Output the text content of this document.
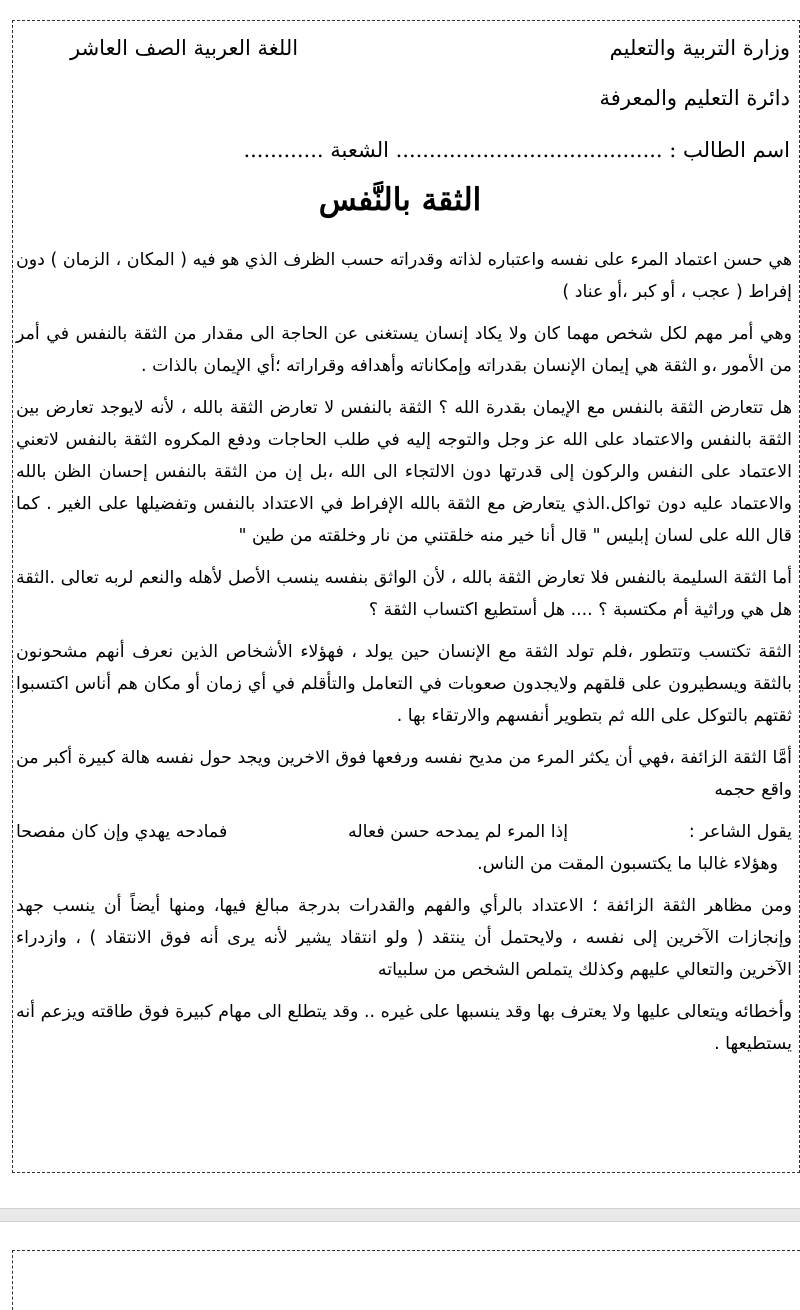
وزارة التربية والتعليم
اللغة العربية الصف العاشر
دائرة التعليم والمعرفة
اسم الطالب : ........................................ الشعبة ............
الثقة بالنَّفس

هي حسن اعتماد المرء على نفسه واعتباره لذاته وقدراته حسب الظرف الذي هو فيه ( المكان ، الزمان ) دون إفراط ( عجب ، أو كبر ،أو عناد )

وهي أمر مهم لكل شخص مهما كان ولا يكاد إنسان يستغنى عن الحاجة الى مقدار من الثقة بالنفس في أمر من الأمور ،و الثقة هي إيمان الإنسان بقدراته وإمكاناته وأهدافه وقراراته ؛أي الإيمان بالذات .

هل تتعارض الثقة بالنفس مع الإيمان بقدرة الله ؟ الثقة بالنفس لا تعارض الثقة بالله ، لأنه لايوجد تعارض بين الثقة بالنفس والاعتماد على الله عز وجل والتوجه إليه في طلب الحاجات ودفع المكروه الثقة بالنفس لاتعني الاعتماد على النفس والركون إلى قدرتها دون الالتجاء الى الله ،بل إن من الثقة بالنفس إحسان الظن بالله والاعتماد عليه دون تواكل.الذي يتعارض مع الثقة بالله الإفراط في الاعتداد بالنفس وتفضيلها على الغير . كما قال الله على لسان إبليس " قال أنا خير منه خلقتني من نار وخلقته من طين "

أما الثقة السليمة بالنفس فلا تعارض الثقة بالله ، لأن الواثق بنفسه ينسب الأصل لأهله والنعم لربه تعالى .الثقة هل هي وراثية أم مكتسبة ؟ .... هل أستطيع اكتساب الثقة ؟

الثقة تكتسب وتتطور ،فلم تولد الثقة مع الإنسان حين يولد ، فهؤلاء الأشخاص الذين نعرف أنهم مشحونون بالثقة ويسطيرون على قلقهم ولايجدون صعوبات في التعامل والتأقلم في أي زمان أو مكان هم أناس اكتسبوا ثقتهم بالتوكل على الله ثم بتطوير أنفسهم والارتقاء بها .

أمَّا الثقة الزائفة ،فهي أن يكثر المرء من مديح نفسه ورفعها فوق الاخرين ويجد حول نفسه هالة كبيرة أكبر من واقع حجمه

يقول الشاعر :
إذا المرء لم يمدحه حسن فعاله
فمادحه يهدي وإن كان مفصحا

وهؤلاء غالبا ما يكتسبون المقت من الناس.

ومن مظاهر الثقة الزائفة ؛ الاعتداد بالرأي والفهم والقدرات بدرجة مبالغ فيها، ومنها أيضاً أن ينسب جهد وإنجازات الآخرين إلى نفسه ، ولايحتمل أن ينتقد ( ولو انتقاد يشير لأنه يرى أنه فوق الانتقاد ) ، وازدراء الآخرين والتعالي عليهم وكذلك يتملص الشخص من سلبياته

وأخطائه ويتعالى عليها ولا يعترف بها وقد ينسبها على غيره .. وقد يتطلع الى مهام كبيرة فوق طاقته ويزعم أنه يستطيعها .
